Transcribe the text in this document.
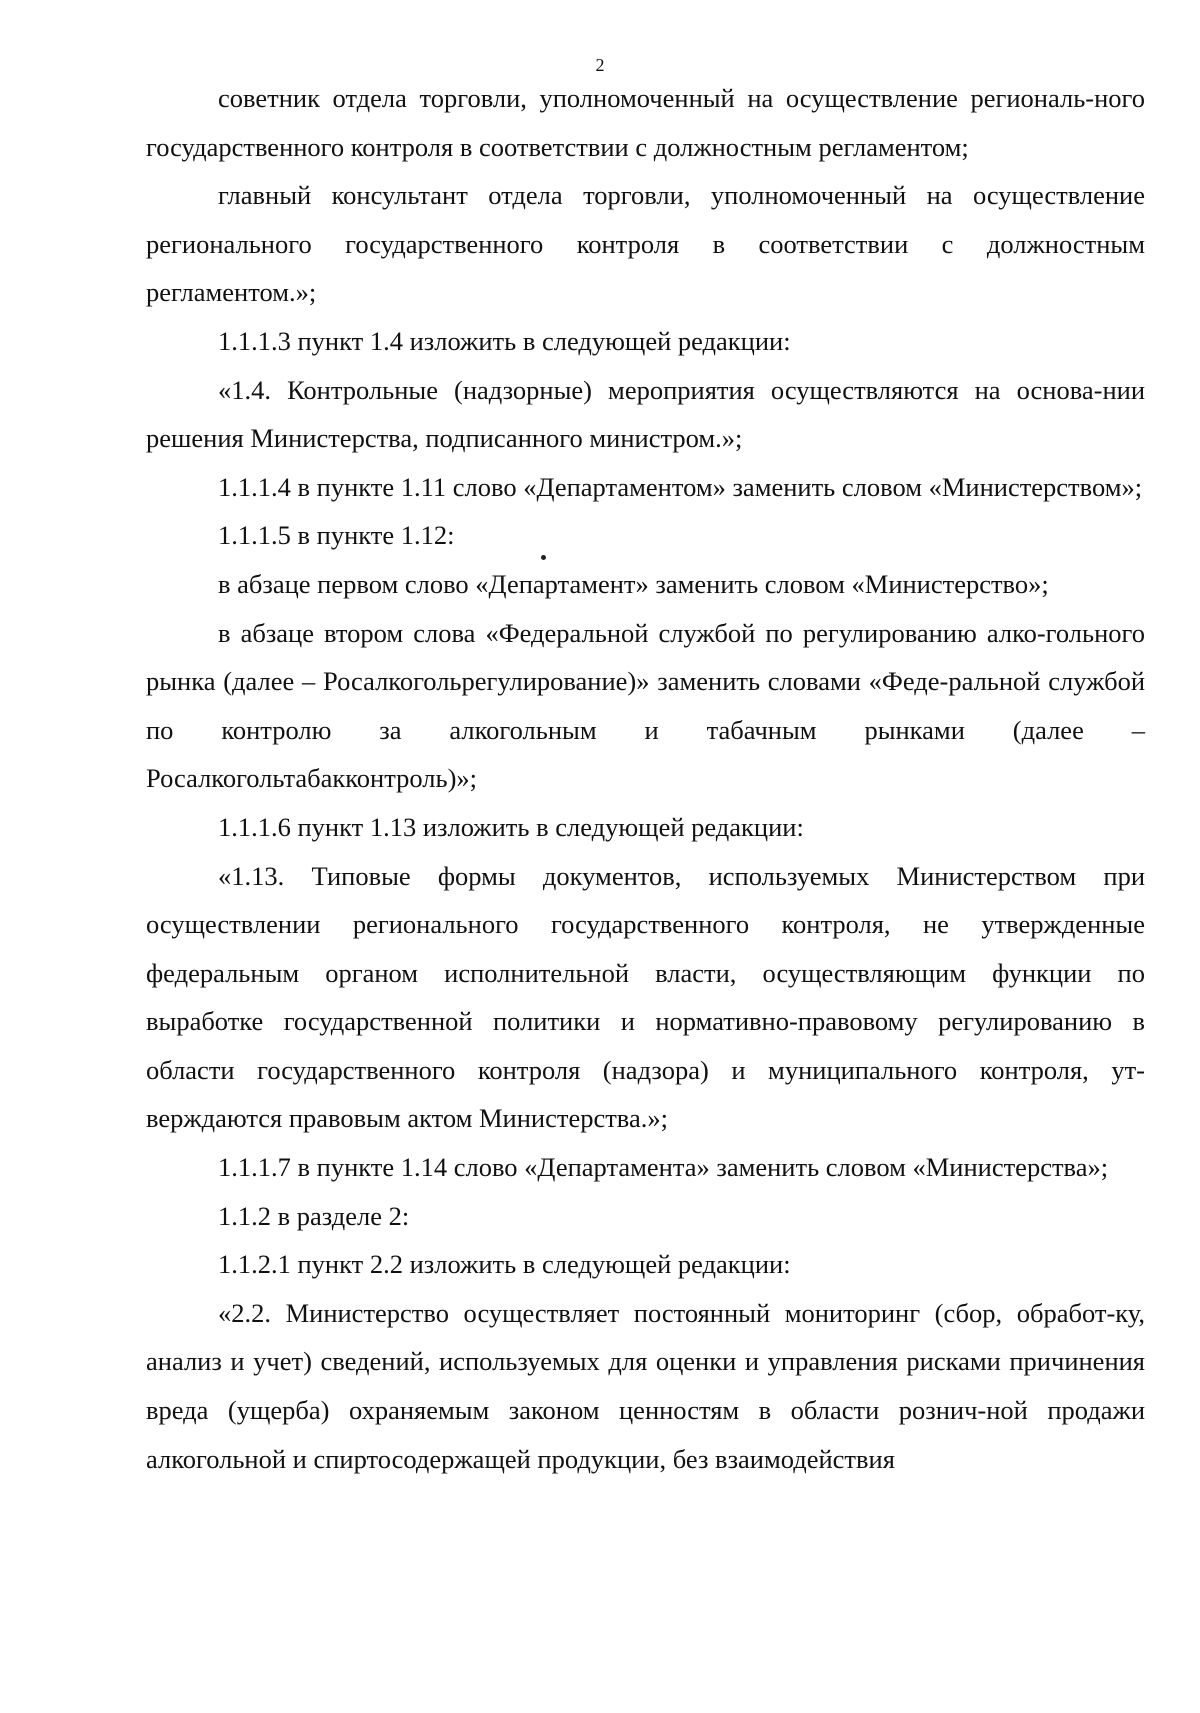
2

советник отдела торговли, уполномоченный на осуществление региональ-ного государственного контроля в соответствии с должностным регламентом;

главный консультант отдела торговли, уполномоченный на осуществление регионального государственного контроля в соответствии с должностным регламентом.»;

1.1.1.3 пункт 1.4 изложить в следующей редакции:

«1.4. Контрольные (надзорные) мероприятия осуществляются на основа-нии решения Министерства, подписанного министром.»;

1.1.1.4 в пункте 1.11 слово «Департаментом» заменить словом «Министерством»;

1.1.1.5 в пункте 1.12:

в абзаце первом слово «Департамент» заменить словом «Министерство»;

в абзаце втором слова «Федеральной службой по регулированию алко-гольного рынка (далее – Росалкогольрегулирование)» заменить словами «Феде-ральной службой по контролю за алкогольным и табачным рынками (далее – Росалкогольтабакконтроль)»;

1.1.1.6 пункт 1.13 изложить в следующей редакции:

«1.13. Типовые формы документов, используемых Министерством при осуществлении регионального государственного контроля, не утвержденные федеральным органом исполнительной власти, осуществляющим функции по выработке государственной политики и нормативно-правовому регулированию в области государственного контроля (надзора) и муниципального контроля, ут-верждаются правовым актом Министерства.»;

1.1.1.7 в пункте 1.14 слово «Департамента» заменить словом «Министерства»;

1.1.2 в разделе 2:

1.1.2.1 пункт 2.2 изложить в следующей редакции:

«2.2. Министерство осуществляет постоянный мониторинг (сбор, обработ-ку, анализ и учет) сведений, используемых для оценки и управления рисками причинения вреда (ущерба) охраняемым законом ценностям в области рознич-ной продажи алкогольной и спиртосодержащей продукции, без взаимодействия
